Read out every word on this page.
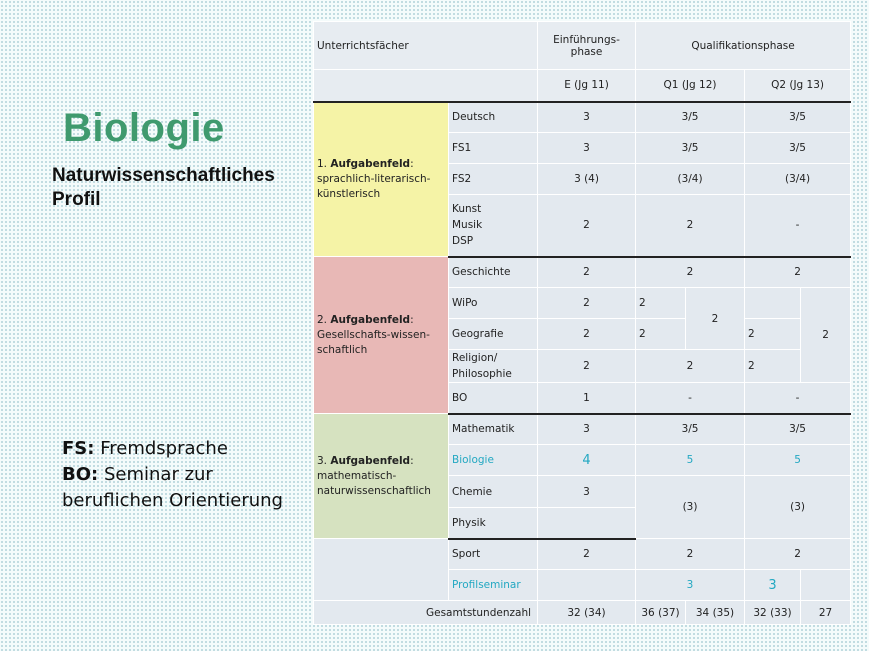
Biologie
Naturwissenschaftliches Profil
FS: Fremdsprache
BO: Seminar zur beruflichen Orientierung
Unterrichtsfächer		Einführungs-phase	Qualifikationsphase			
		E (Jg 11)	Q1 (Jg 12)		Q2 (Jg 13)	
1. Aufgabenfeld: sprachlich-literarisch-künstlerisch	Deutsch	3	3/5		3/5	
	FS1	3	3/5		3/5	
	FS2	3 (4)	(3/4)		(3/4)	

	Kunst
Musik
DSP	2	2		-	
2. Aufgabenfeld: Gesellschafts-wissen-schaftlich	Geschichte	2	2		2	
	WiPo	2	2	2		2
	Geografie	2	2		2	

	Religion/
Philosophie	2	2		2	
	BO	1	-		-	
3. Aufgabenfeld: mathematisch-naturwissenschaftlich	Mathematik	3	3/5		3/5	
	Biologie	4	5		5	
	Chemie	3	(3)		(3)	
	Physik					
	Sport	2	2		2	
	Profilseminar		3		3	
Gesamtstundenzahl		32 (34)	36 (37)	34 (35)	32 (33)	27
